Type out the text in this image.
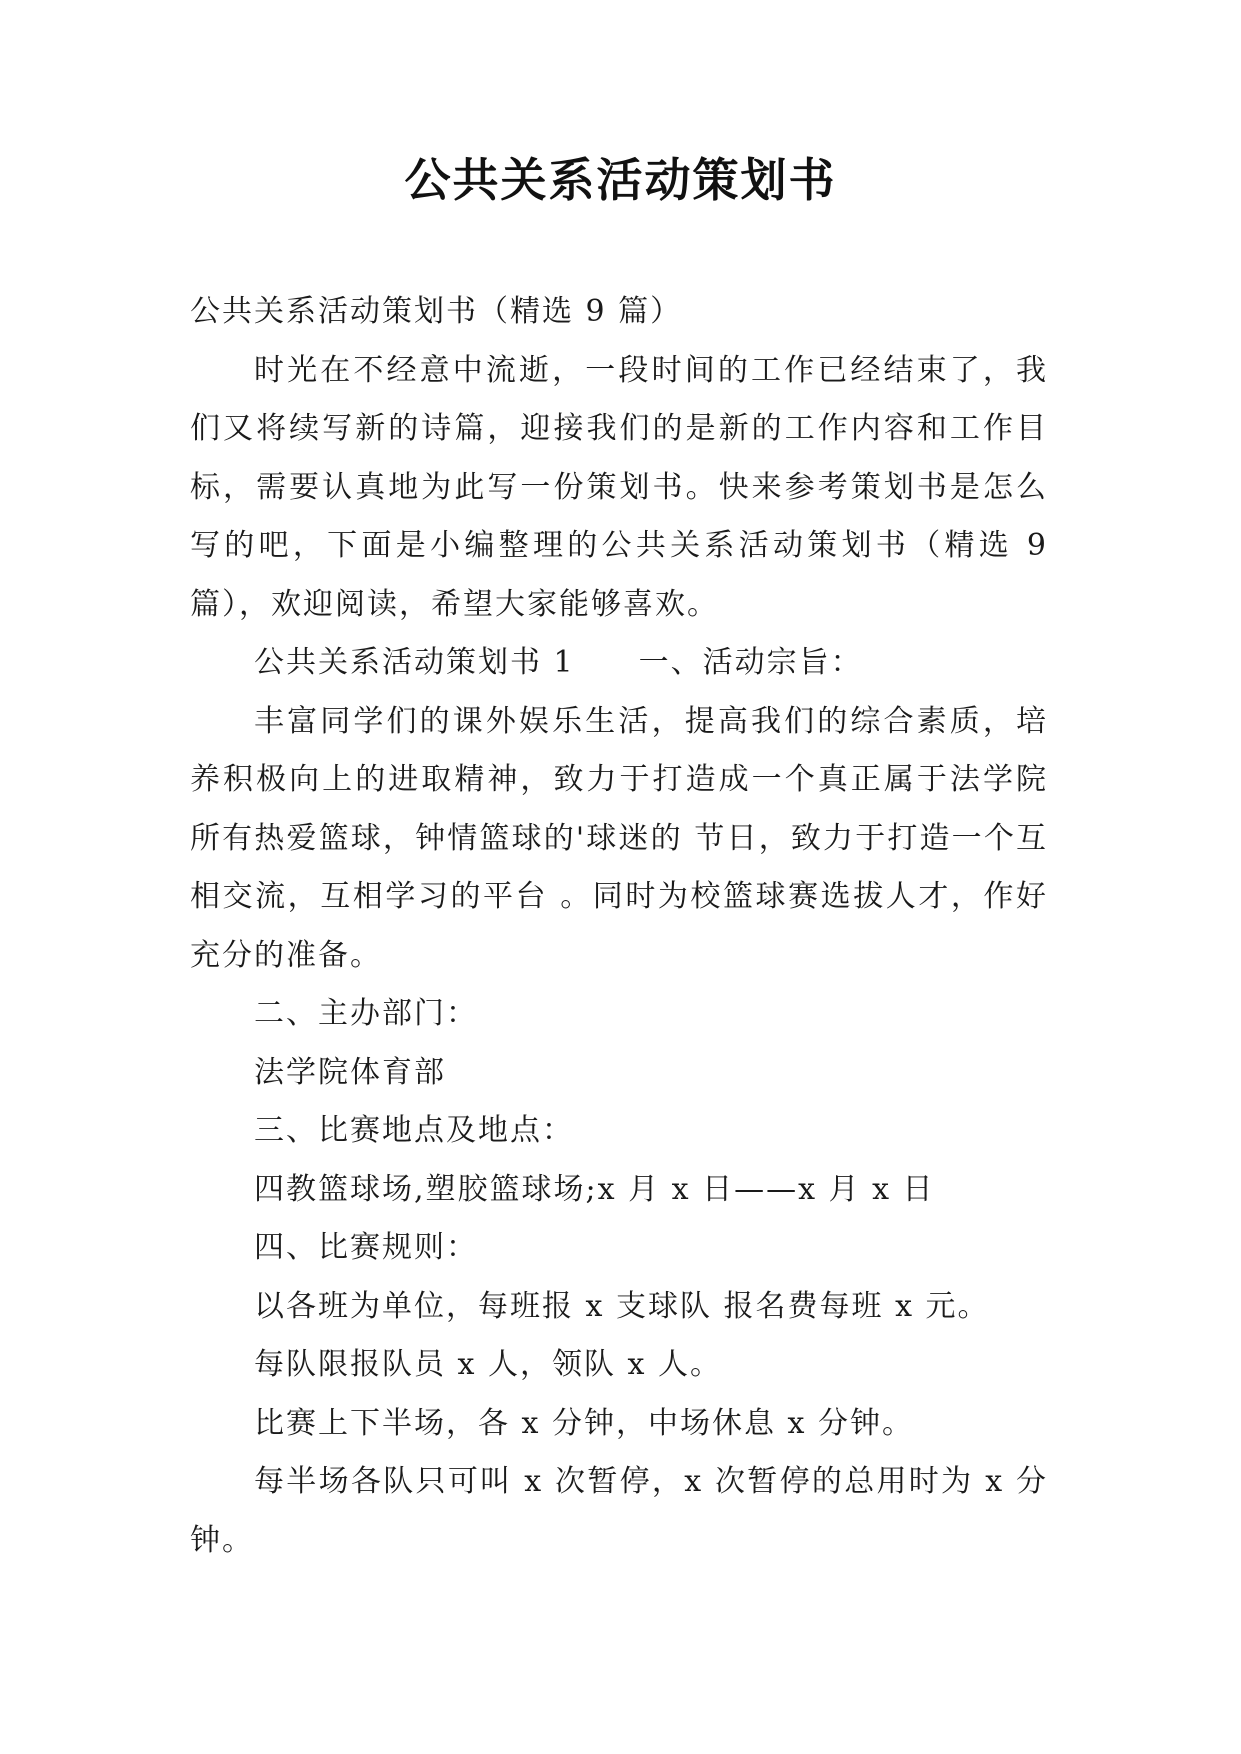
公共关系活动策划书

公共关系活动策划书（精选 9 篇）

时光在不经意中流逝，一段时间的工作已经结束了，我们又将续写新的诗篇，迎接我们的是新的工作内容和工作目标，需要认真地为此写一份策划书。快来参考策划书是怎么写的吧，下面是小编整理的公共关系活动策划书（精选 9 篇），欢迎阅读，希望大家能够喜欢。

公共关系活动策划书 1　　一、活动宗旨：

丰富同学们的课外娱乐生活，提高我们的综合素质，培养积极向上的进取精神，致力于打造成一个真正属于法学院所有热爱篮球，钟情篮球的'球迷的 节日，致力于打造一个互相交流，互相学习的平台 。同时为校篮球赛选拔人才，作好充分的准备。

二、主办部门：

法学院体育部

三、比赛地点及地点：

四教篮球场,塑胶篮球场;x 月 x 日——x 月 x 日

四、比赛规则：

以各班为单位，每班报 x 支球队 报名费每班 x 元。

每队限报队员 x 人，领队 x 人。

比赛上下半场，各 x 分钟，中场休息 x 分钟。

每半场各队只可叫 x 次暂停，x 次暂停的总用时为 x 分钟。
